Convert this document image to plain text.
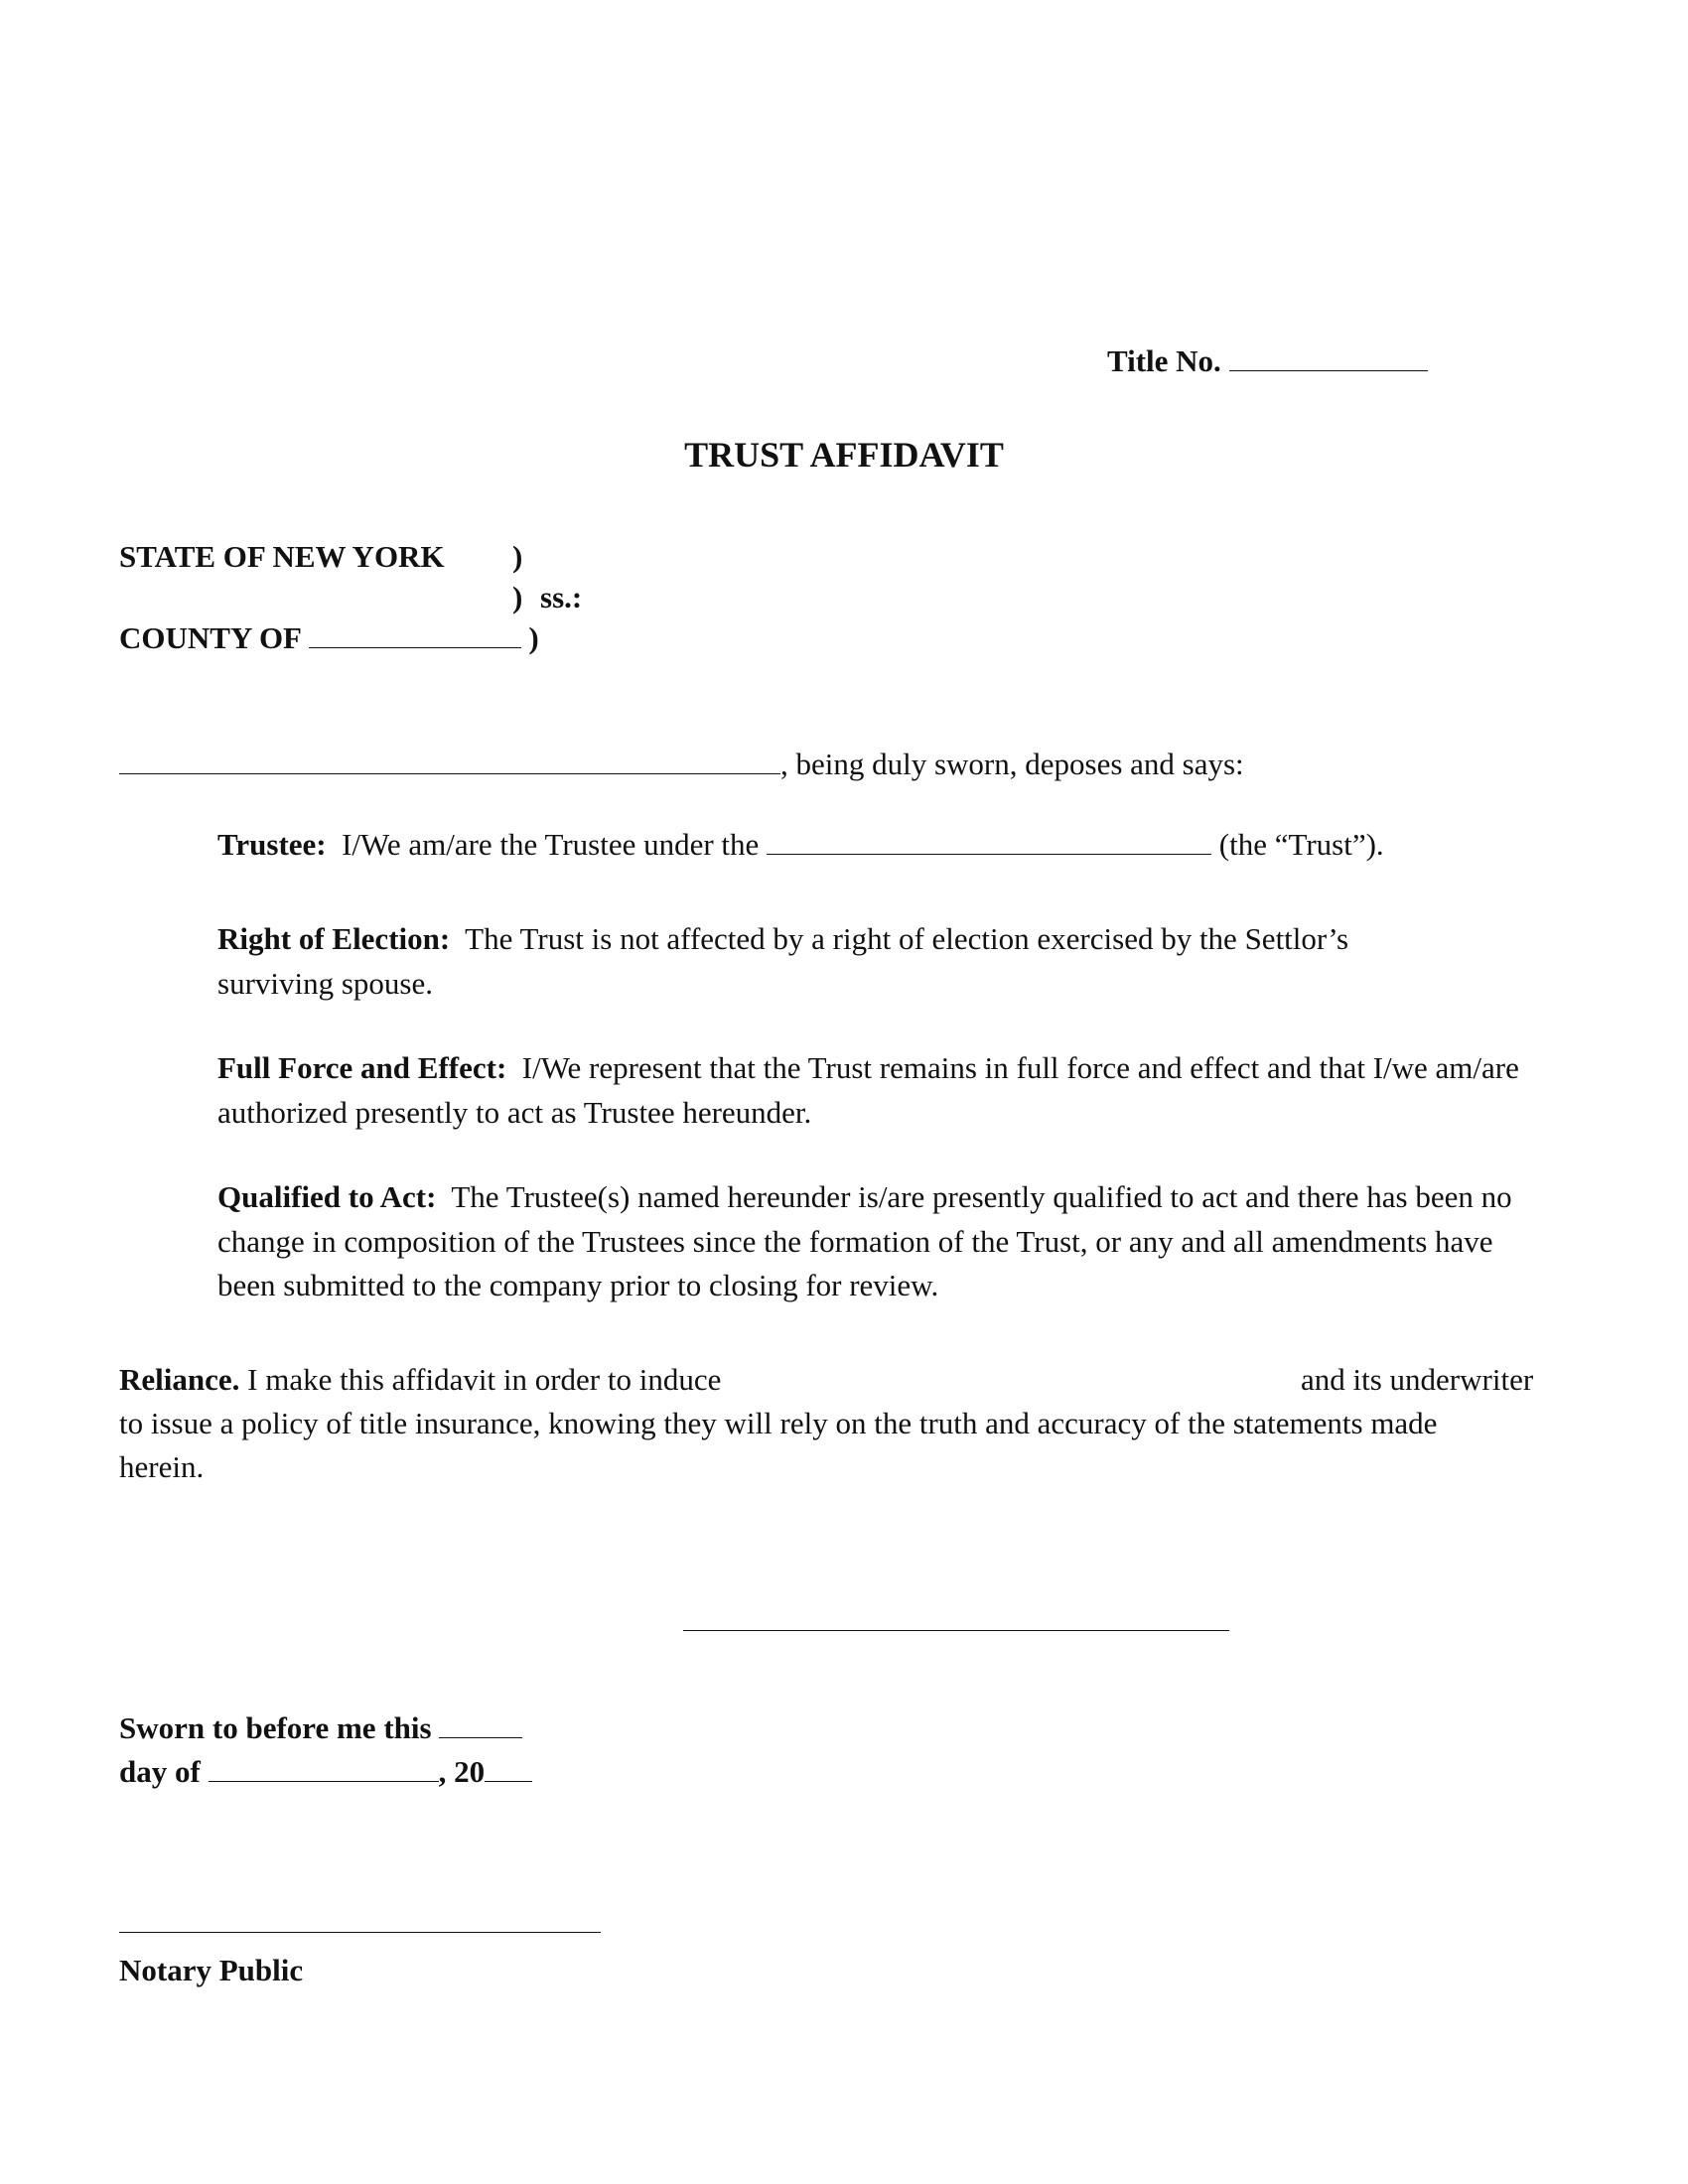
Title No.
TRUST AFFIDAVIT
STATE OF NEW YORK )
) ss.:
COUNTY OF	)
, being duly sworn, deposes and says:
Trustee: I/We am/are the Trustee under the	(the “Trust”).
Right of Election: The Trust is not affected by a right of election exercised by the Settlor’s surviving spouse.
Full Force and Effect: I/We represent that the Trust remains in full force and effect and that I/we am/are authorized presently to act as Trustee hereunder.
Qualified to Act: The Trustee(s) named hereunder is/are presently qualified to act and there has been no change in composition of the Trustees since the formation of the Trust, or any and all amendments have been submitted to the company prior to closing for review.
Reliance. I make this affidavit in order to induce	and its underwriter
to issue a policy of title insurance, knowing they will rely on the truth and accuracy of the statements made
herein.
Sworn to before me this
day of	, 20
Notary Public
